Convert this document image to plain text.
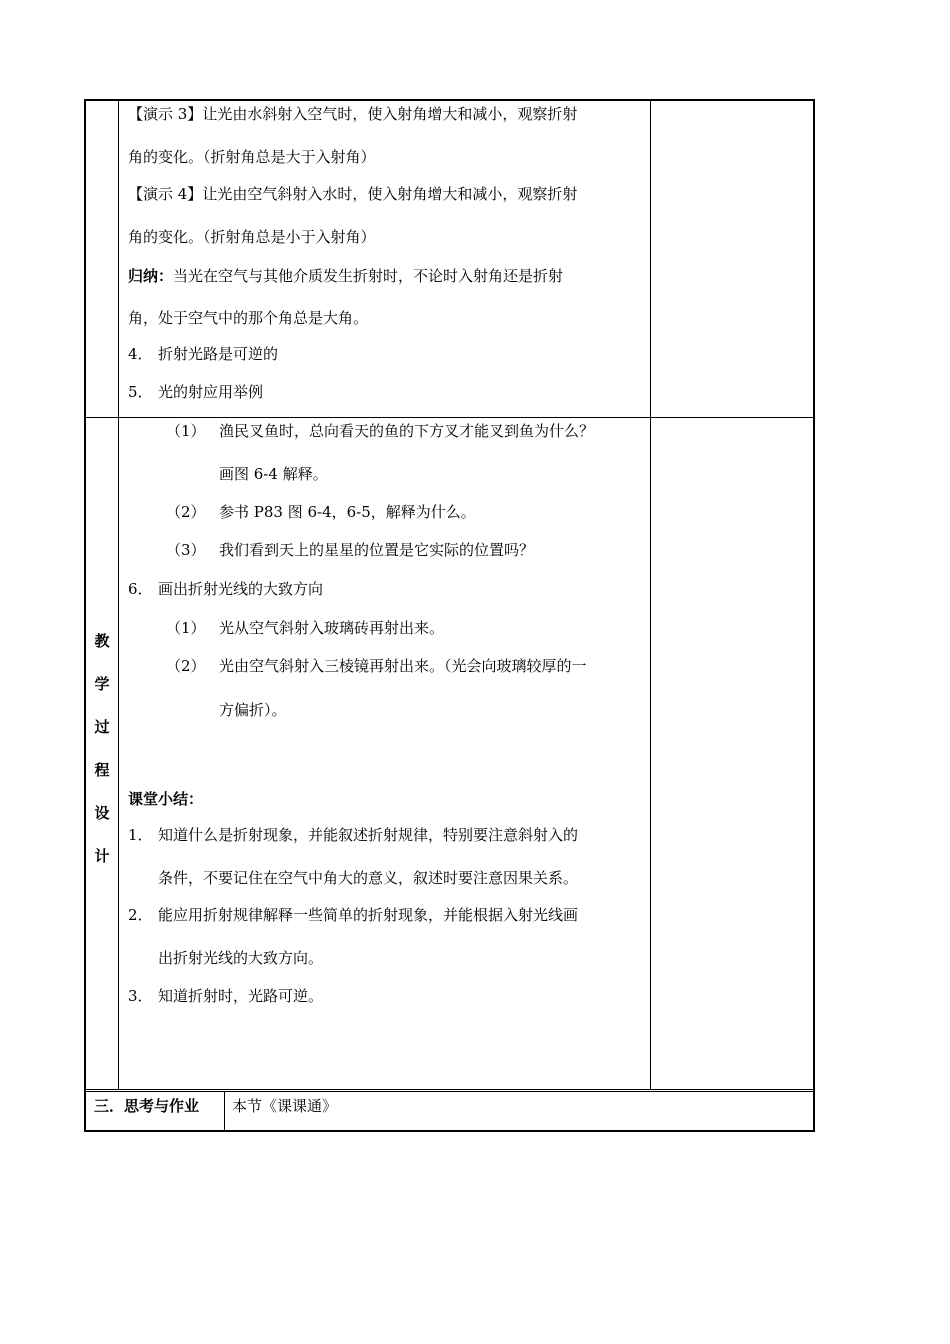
【演示 3】让光由水斜射入空气时，使入射角增大和减小，观察折射
角的变化。（折射角总是大于入射角）
【演示 4】让光由空气斜射入水时，使入射角增大和减小，观察折射
角的变化。（折射角总是小于入射角）
归纳：当光在空气与其他介质发生折射时，不论时入射角还是折射
角，处于空气中的那个角总是大角。
4． 折射光路是可逆的
5． 光的射应用举例
教
学
过
程
设
计
（1） 渔民叉鱼时，总向看天的鱼的下方叉才能叉到鱼为什么？
画图 6-4 解释。
（2） 参书 P83 图 6-4，6-5，解释为什么。
（3） 我们看到天上的星星的位置是它实际的位置吗？
6． 画出折射光线的大致方向
（1） 光从空气斜射入玻璃砖再射出来。
（2） 光由空气斜射入三棱镜再射出来。（光会向玻璃较厚的一
方偏折）。
课堂小结：
1． 知道什么是折射现象，并能叙述折射规律，特别要注意斜射入的
条件，不要记住在空气中角大的意义，叙述时要注意因果关系。
2． 能应用折射规律解释一些简单的折射现象，并能根据入射光线画
出折射光线的大致方向。
3． 知道折射时，光路可逆。
三．思考与作业 本节《课课通》
